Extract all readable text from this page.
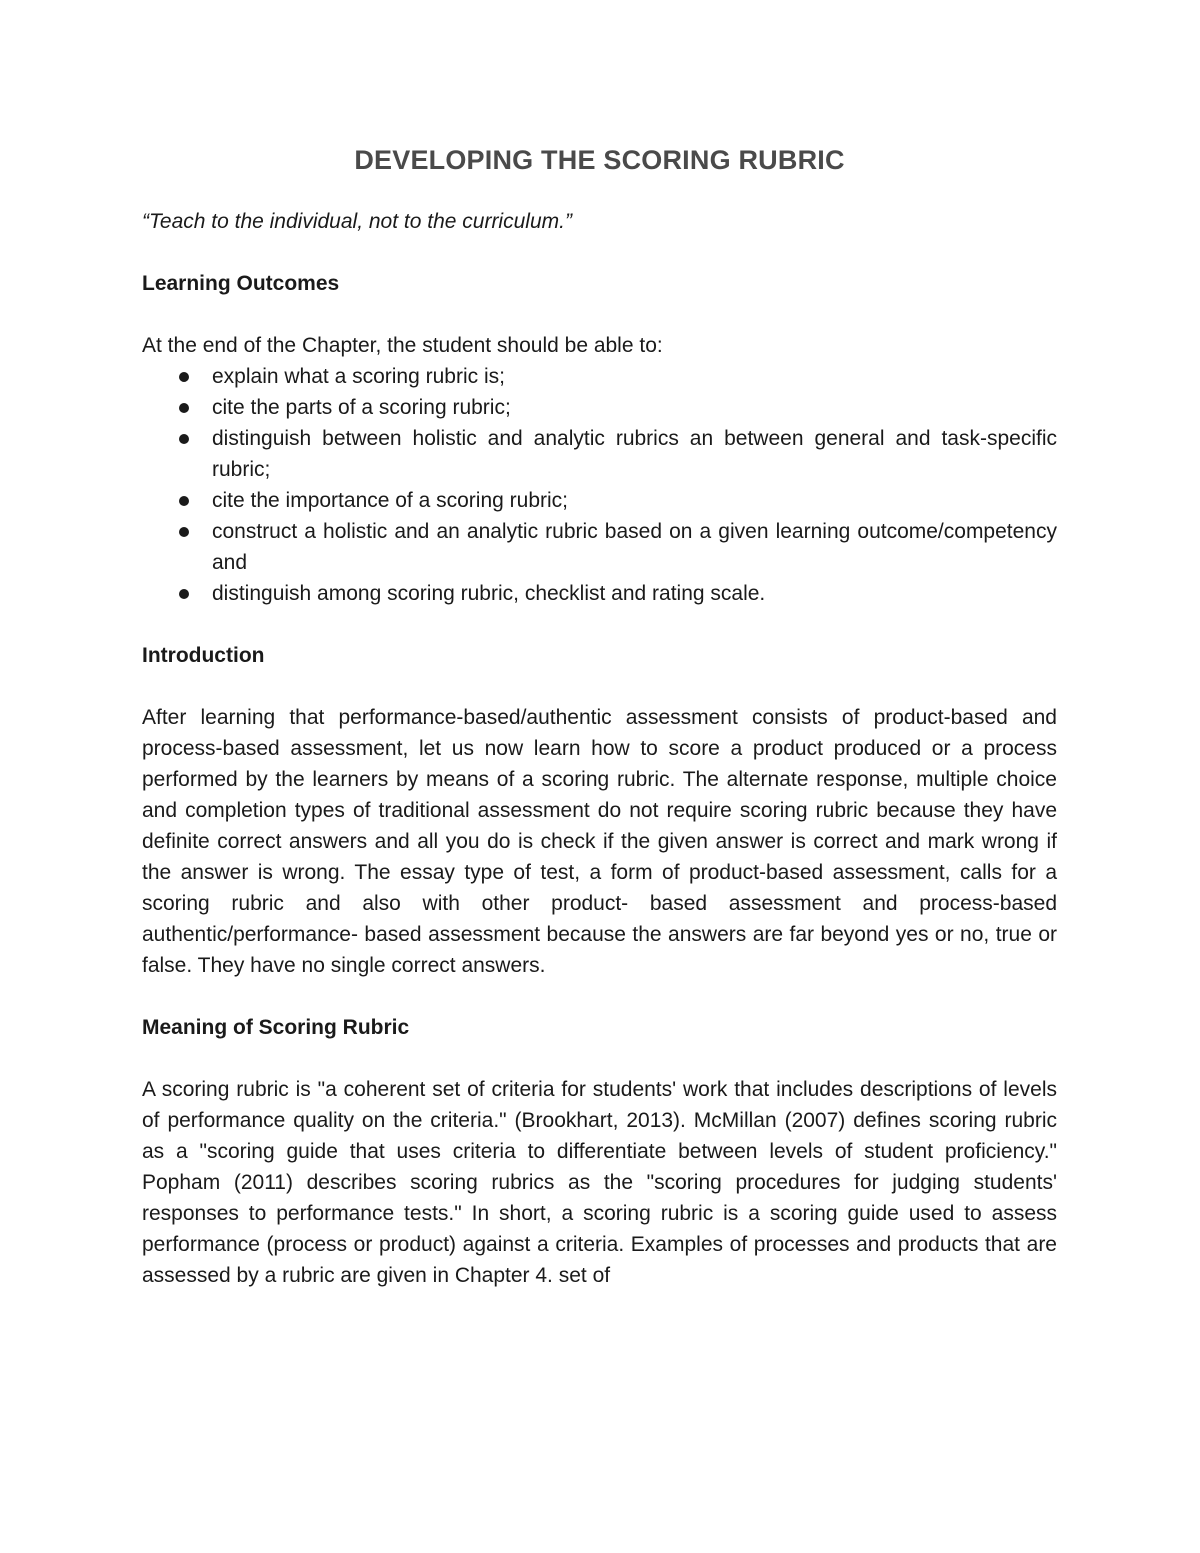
DEVELOPING THE SCORING RUBRIC

“Teach to the individual, not to the curriculum.”

Learning Outcomes

At the end of the Chapter, the student should be able to:

explain what a scoring rubric is;
cite the parts of a scoring rubric;
distinguish between holistic and analytic rubrics an between general and task-specific rubric;
cite the importance of a scoring rubric;
construct a holistic and an analytic rubric based on a given learning outcome/competency and
distinguish among scoring rubric, checklist and rating scale.
Introduction

After learning that performance-based/authentic assessment consists of product-based and process-based assessment, let us now learn how to score a product produced or a process performed by the learners by means of a scoring rubric. The alternate response, multiple choice and completion types of traditional assessment do not require scoring rubric because they have definite correct answers and all you do is check if the given answer is correct and mark wrong if the answer is wrong. The essay type of test, a form of product-based assessment, calls for a scoring rubric and also with other product- based assessment and process-based authentic/performance- based assessment because the answers are far beyond yes or no, true or false. They have no single correct answers.

Meaning of Scoring Rubric

A scoring rubric is "a coherent set of criteria for students' work that includes descriptions of levels of performance quality on the criteria." (Brookhart, 2013). McMillan (2007) defines scoring rubric as a "scoring guide that uses criteria to differentiate between levels of student proficiency." Popham (2011) describes scoring rubrics as the "scoring procedures for judging students' responses to performance tests." In short, a scoring rubric is a scoring guide used to assess performance (process or product) against a criteria. Examples of processes and products that are assessed by a rubric are given in Chapter 4. set of
